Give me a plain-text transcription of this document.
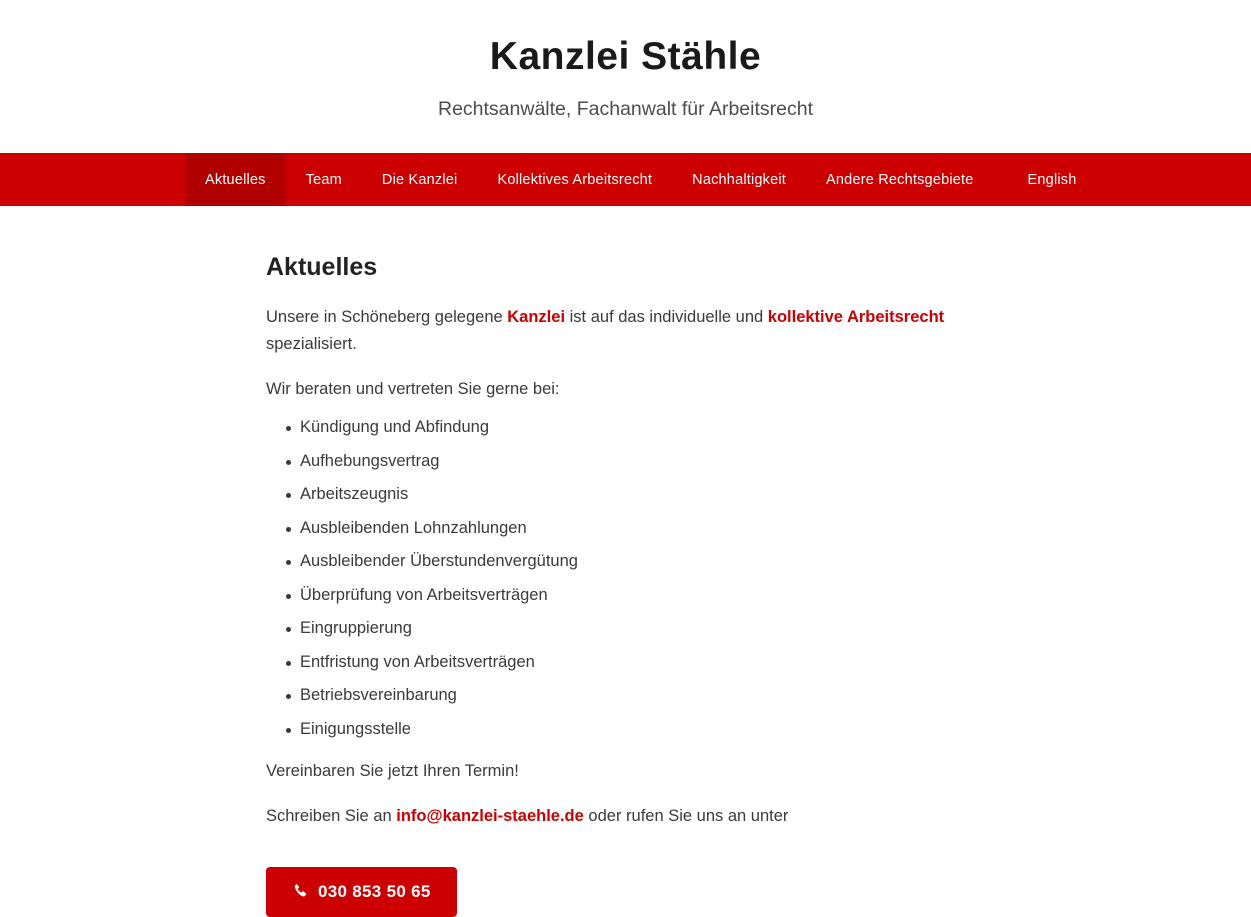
Kanzlei Stähle

Rechtsanwälte, Fachanwalt für Arbeitsrecht

Aktuelles	Team	Die Kanzlei	Kollektives Arbeitsrecht	Nachhaltigkeit	Andere Rechtsgebiete	English
Aktuelles

Unsere in Schöneberg gelegene Kanzlei ist auf das individuelle und kollektive Arbeitsrecht spezialisiert.

Wir beraten und vertreten Sie gerne bei:

Kündigung und Abfindung
Aufhebungsvertrag
Arbeitszeugnis
Ausbleibenden Lohnzahlungen
Ausbleibender Überstundenvergütung
Überprüfung von Arbeitsverträgen
Eingruppierung
Entfristung von Arbeitsverträgen
Betriebsvereinbarung
Einigungsstelle

Vereinbaren Sie jetzt Ihren Termin!

Schreiben Sie an info@kanzlei-staehle.de oder rufen Sie uns an unter

030 853 50 65
